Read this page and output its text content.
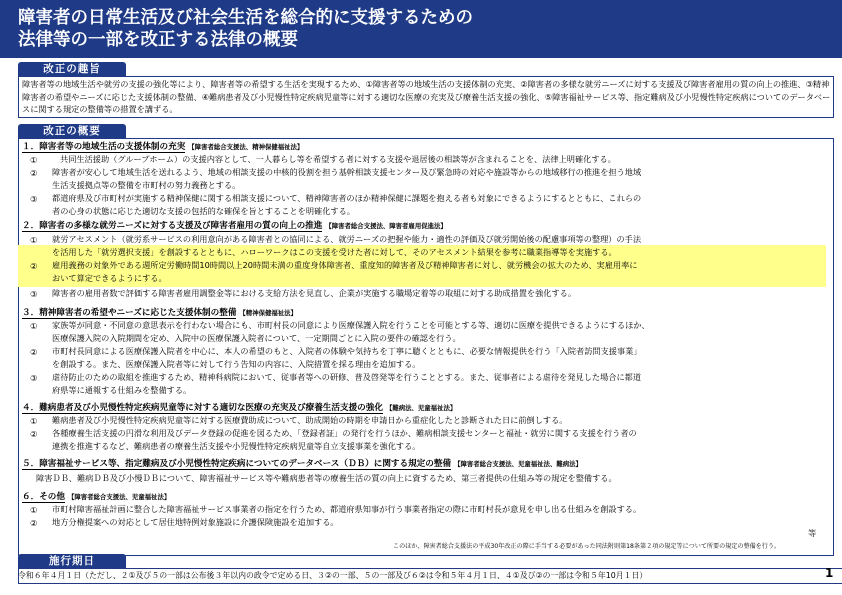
障害者の日常生活及び社会生活を総合的に支援するための
法律等の一部を改正する法律の概要
改正の趣旨
障害者等の地域生活や就労の支援の強化等により、障害者等の希望する生活を実現するため、①障害者等の地域生活の支援体制の充実、②障害者の多様な就労ニーズに対する支援及び障害者雇用の質の向上の推進、③精神障害者の希望やニーズに応じた支援体制の整備、④難病患者及び小児慢性特定疾病児童等に対する適切な医療の充実及び療養生活支援の強化、⑤障害福祉サービス等、指定難病及び小児慢性特定疾病についてのデータベースに関する規定の整備等の措置を講ずる。
改正の概要
１．障害者等の地域生活の支援体制の充実 【障害者総合支援法、精神保健福祉法】
①	共同生活援助（グループホーム）の支援内容として、一人暮らし等を希望する者に対する支援や退居後の相談等が含まれることを、法律上明確化する。
② 障害者が安心して地域生活を送れるよう、地域の相談支援の中核的役割を担う基幹相談支援センター及び緊急時の対応や施設等からの地域移行の推進を担う地域
生活支援拠点等の整備を市町村の努力義務とする。
③ 都道府県及び市町村が実施する精神保健に関する相談支援について、精神障害者のほか精神保健に課題を抱える者も対象にできるようにするとともに、これらの
者の心身の状態に応じた適切な支援の包括的な確保を旨とすることを明確化する。
２．障害者の多様な就労ニーズに対する支援及び障害者雇用の質の向上の推進 【障害者総合支援法、障害者雇用促進法】
① 就労アセスメント（就労系サービスの利用意向がある障害者との協同による、就労ニーズの把握や能力・適性の評価及び就労開始後の配慮事項等の整理）の手法
を活用した「就労選択支援」を創設するとともに、ハローワークはこの支援を受けた者に対して、そのアセスメント結果を参考に職業指導等を実施する。
② 雇用義務の対象外である週所定労働時間10時間以上20時間未満の重度身体障害者、重度知的障害者及び精神障害者に対し、就労機会の拡大のため、実雇用率に
おいて算定できるようにする。
③ 障害者の雇用者数で評価する障害者雇用調整金等における支給方法を見直し、企業が実施する職場定着等の取組に対する助成措置を強化する。
３．精神障害者の希望やニーズに応じた支援体制の整備 【精神保健福祉法】
① 家族等が同意・不同意の意思表示を行わない場合にも、市町村長の同意により医療保護入院を行うことを可能とする等、適切に医療を提供できるようにするほか、
医療保護入院の入院期間を定め、入院中の医療保護入院者について、一定期間ごとに入院の要件の確認を行う。
② 市町村長同意による医療保護入院者を中心に、本人の希望のもと、入院者の体験や気持ちを丁寧に聴くとともに、必要な情報提供を行う「入院者訪問支援事業」
を創設する。また、医療保護入院者等に対して行う告知の内容に、入院措置を採る理由を追加する。
③ 虐待防止のための取組を推進するため、精神科病院において、従事者等への研修、普及啓発等を行うこととする。また、従事者による虐待を発見した場合に都道
府県等に通報する仕組みを整備する。
４．難病患者及び小児慢性特定疾病児童等に対する適切な医療の充実及び療養生活支援の強化 【難病法、児童福祉法】
① 難病患者及び小児慢性特定疾病児童等に対する医療費助成について、助成開始の時期を申請日から重症化したと診断された日に前倒しする。
② 各種療養生活支援の円滑な利用及びデータ登録の促進を図るため、「登録者証」の発行を行うほか、難病相談支援センターと福祉・就労に関する支援を行う者の
連携を推進するなど、難病患者の療養生活支援や小児慢性特定疾病児童等自立支援事業を強化する。
５．障害福祉サービス等、指定難病及び小児慢性特定疾病についてのデータベース（ＤＢ）に関する規定の整備 【障害者総合支援法、児童福祉法、難病法】
障害ＤＢ、難病ＤＢ及び小慢ＤＢについて、障害福祉サービス等や難病患者等の療養生活の質の向上に資するため、第三者提供の仕組み等の規定を整備する。
６．その他 【障害者総合支援法、児童福祉法】
① 市町村障害福祉計画に整合した障害福祉サービス事業者の指定を行うため、都道府県知事が行う事業者指定の際に市町村長が意見を申し出る仕組みを創設する。
② 地方分権提案への対応として居住地特例対象施設に介護保険施設を追加する。
等
このほか、障害者総合支援法の平成30年改正の際に手当する必要があった同法附則第18条第２項の規定等について所要の規定の整備を行う。
施行期日
令和６年４月１日（ただし、２①及び５の一部は公布後３年以内の政令で定める日、３②の一部、５の一部及び６②は令和５年４月１日、４①及び②の一部は令和５年10月１日）	1
